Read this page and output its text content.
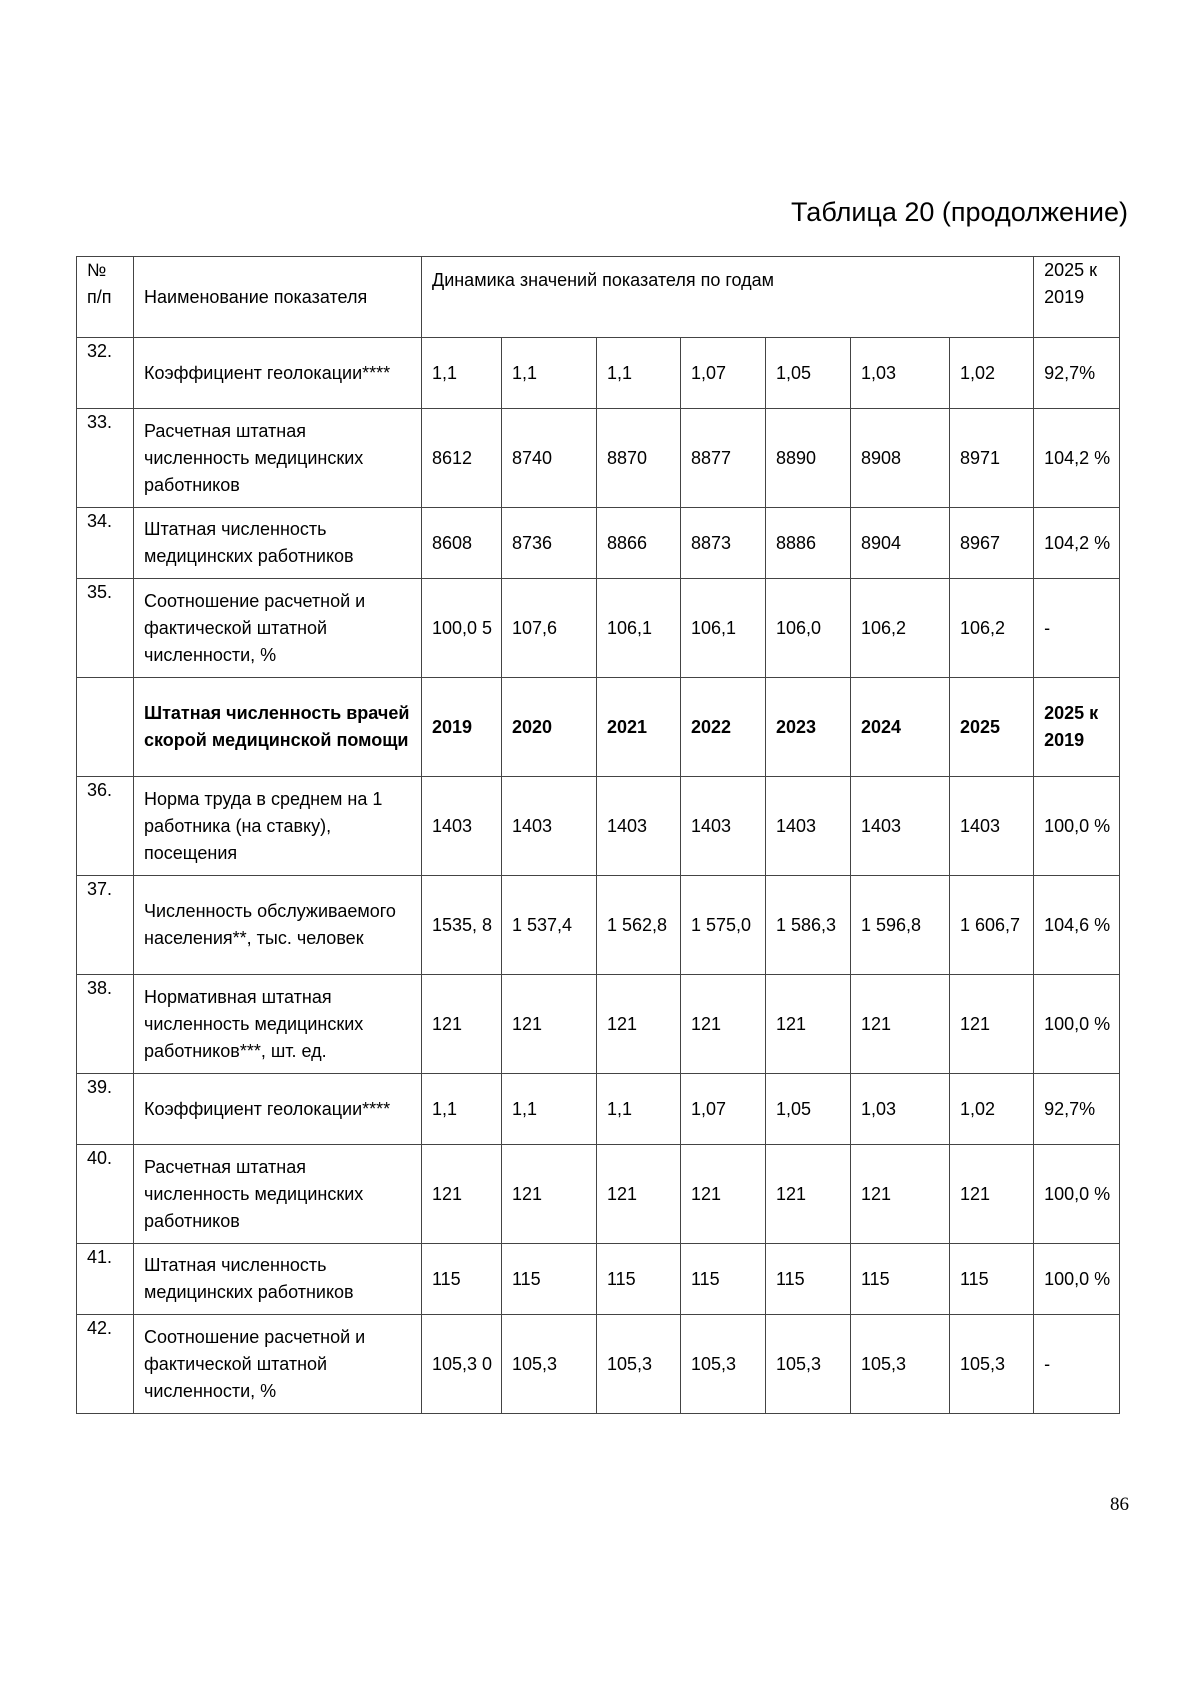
Таблица 20 (продолжение)
№ п/п	Наименование показателя	Динамика значений показателя по годам							2025 к 2019
32.	Коэффициент геолокации****	1,1	1,1	1,1	1,07	1,05	1,03	1,02	92,7%
33.	Расчетная штатная численность медицинских работников	8612	8740	8870	8877	8890	8908	8971	104,2 %
34.	Штатная численность медицинских работников	8608	8736	8866	8873	8886	8904	8967	104,2 %
35.	Соотношение расчетной и фактической штатной численности, %	100,0 5	107,6	106,1	106,1	106,0	106,2	106,2	-
	Штатная численность врачей скорой медицинской помощи	2019	2020	2021	2022	2023	2024	2025	2025 к 2019
36.	Норма труда в среднем на 1 работника (на ставку), посещения	1403	1403	1403	1403	1403	1403	1403	100,0 %
37.	Численность обслуживаемого населения**, тыс. человек	1535, 8	1 537,4	1 562,8	1 575,0	1 586,3	1 596,8	1 606,7	104,6 %
38.	Нормативная штатная численность медицинских работников***, шт. ед.	121	121	121	121	121	121	121	100,0 %
39.	Коэффициент геолокации****	1,1	1,1	1,1	1,07	1,05	1,03	1,02	92,7%
40.	Расчетная штатная численность медицинских работников	121	121	121	121	121	121	121	100,0 %
41.	Штатная численность медицинских работников	115	115	115	115	115	115	115	100,0 %
42.	Соотношение расчетной и фактической штатной численности, %	105,3 0	105,3	105,3	105,3	105,3	105,3	105,3	-
86
